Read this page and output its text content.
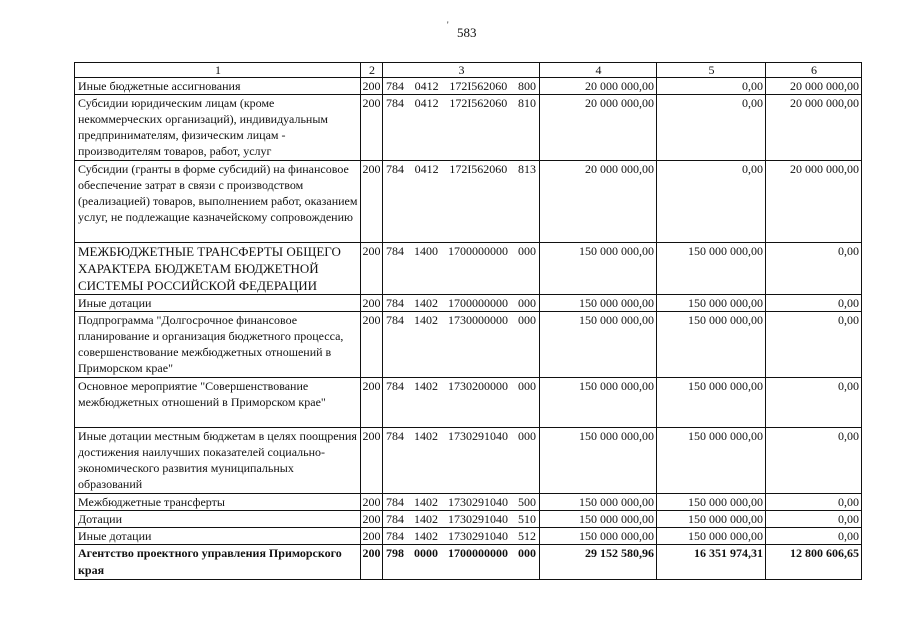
' 583
1	2	3	4	5	6
Иные бюджетные ассигнования	200	784 0412 172I562060 800	20 000 000,00	0,00	20 000 000,00
Субсидии юридическим лицам (кроме некоммерческих организаций), индивидуальным предпринимателям, физическим лицам - производителям товаров, работ, услуг	200	784 0412 172I562060 810	20 000 000,00	0,00	20 000 000,00
Субсидии (гранты в форме субсидий) на финансовое обеспечение затрат в связи с производством (реализацией) товаров, выполнением работ, оказанием услуг, не подлежащие казначейскому сопровождению	200	784 0412 172I562060 813	20 000 000,00	0,00	20 000 000,00
МЕЖБЮДЖЕТНЫЕ ТРАНСФЕРТЫ ОБЩЕГО ХАРАКТЕРА БЮДЖЕТАМ БЮДЖЕТНОЙ СИСТЕМЫ РОССИЙСКОЙ ФЕДЕРАЦИИ	200	784 1400 1700000000 000	150 000 000,00	150 000 000,00	0,00
Иные дотации	200	784 1402 1700000000 000	150 000 000,00	150 000 000,00	0,00
Подпрограмма "Долгосрочное финансовое планирование и организация бюджетного процесса, совершенствование межбюджетных отношений в Приморском крае"	200	784 1402 1730000000 000	150 000 000,00	150 000 000,00	0,00
Основное мероприятие "Совершенствование межбюджетных отношений в Приморском крае"	200	784 1402 1730200000 000	150 000 000,00	150 000 000,00	0,00
Иные дотации местным бюджетам в целях поощрения достижения наилучших показателей социально-экономического развития муниципальных образований	200	784 1402 1730291040 000	150 000 000,00	150 000 000,00	0,00
Межбюджетные трансферты	200	784 1402 1730291040 500	150 000 000,00	150 000 000,00	0,00
Дотации	200	784 1402 1730291040 510	150 000 000,00	150 000 000,00	0,00
Иные дотации	200	784 1402 1730291040 512	150 000 000,00	150 000 000,00	0,00
Агентство проектного управления Приморского края	200	798 0000 1700000000 000	29 152 580,96	16 351 974,31	12 800 606,65
